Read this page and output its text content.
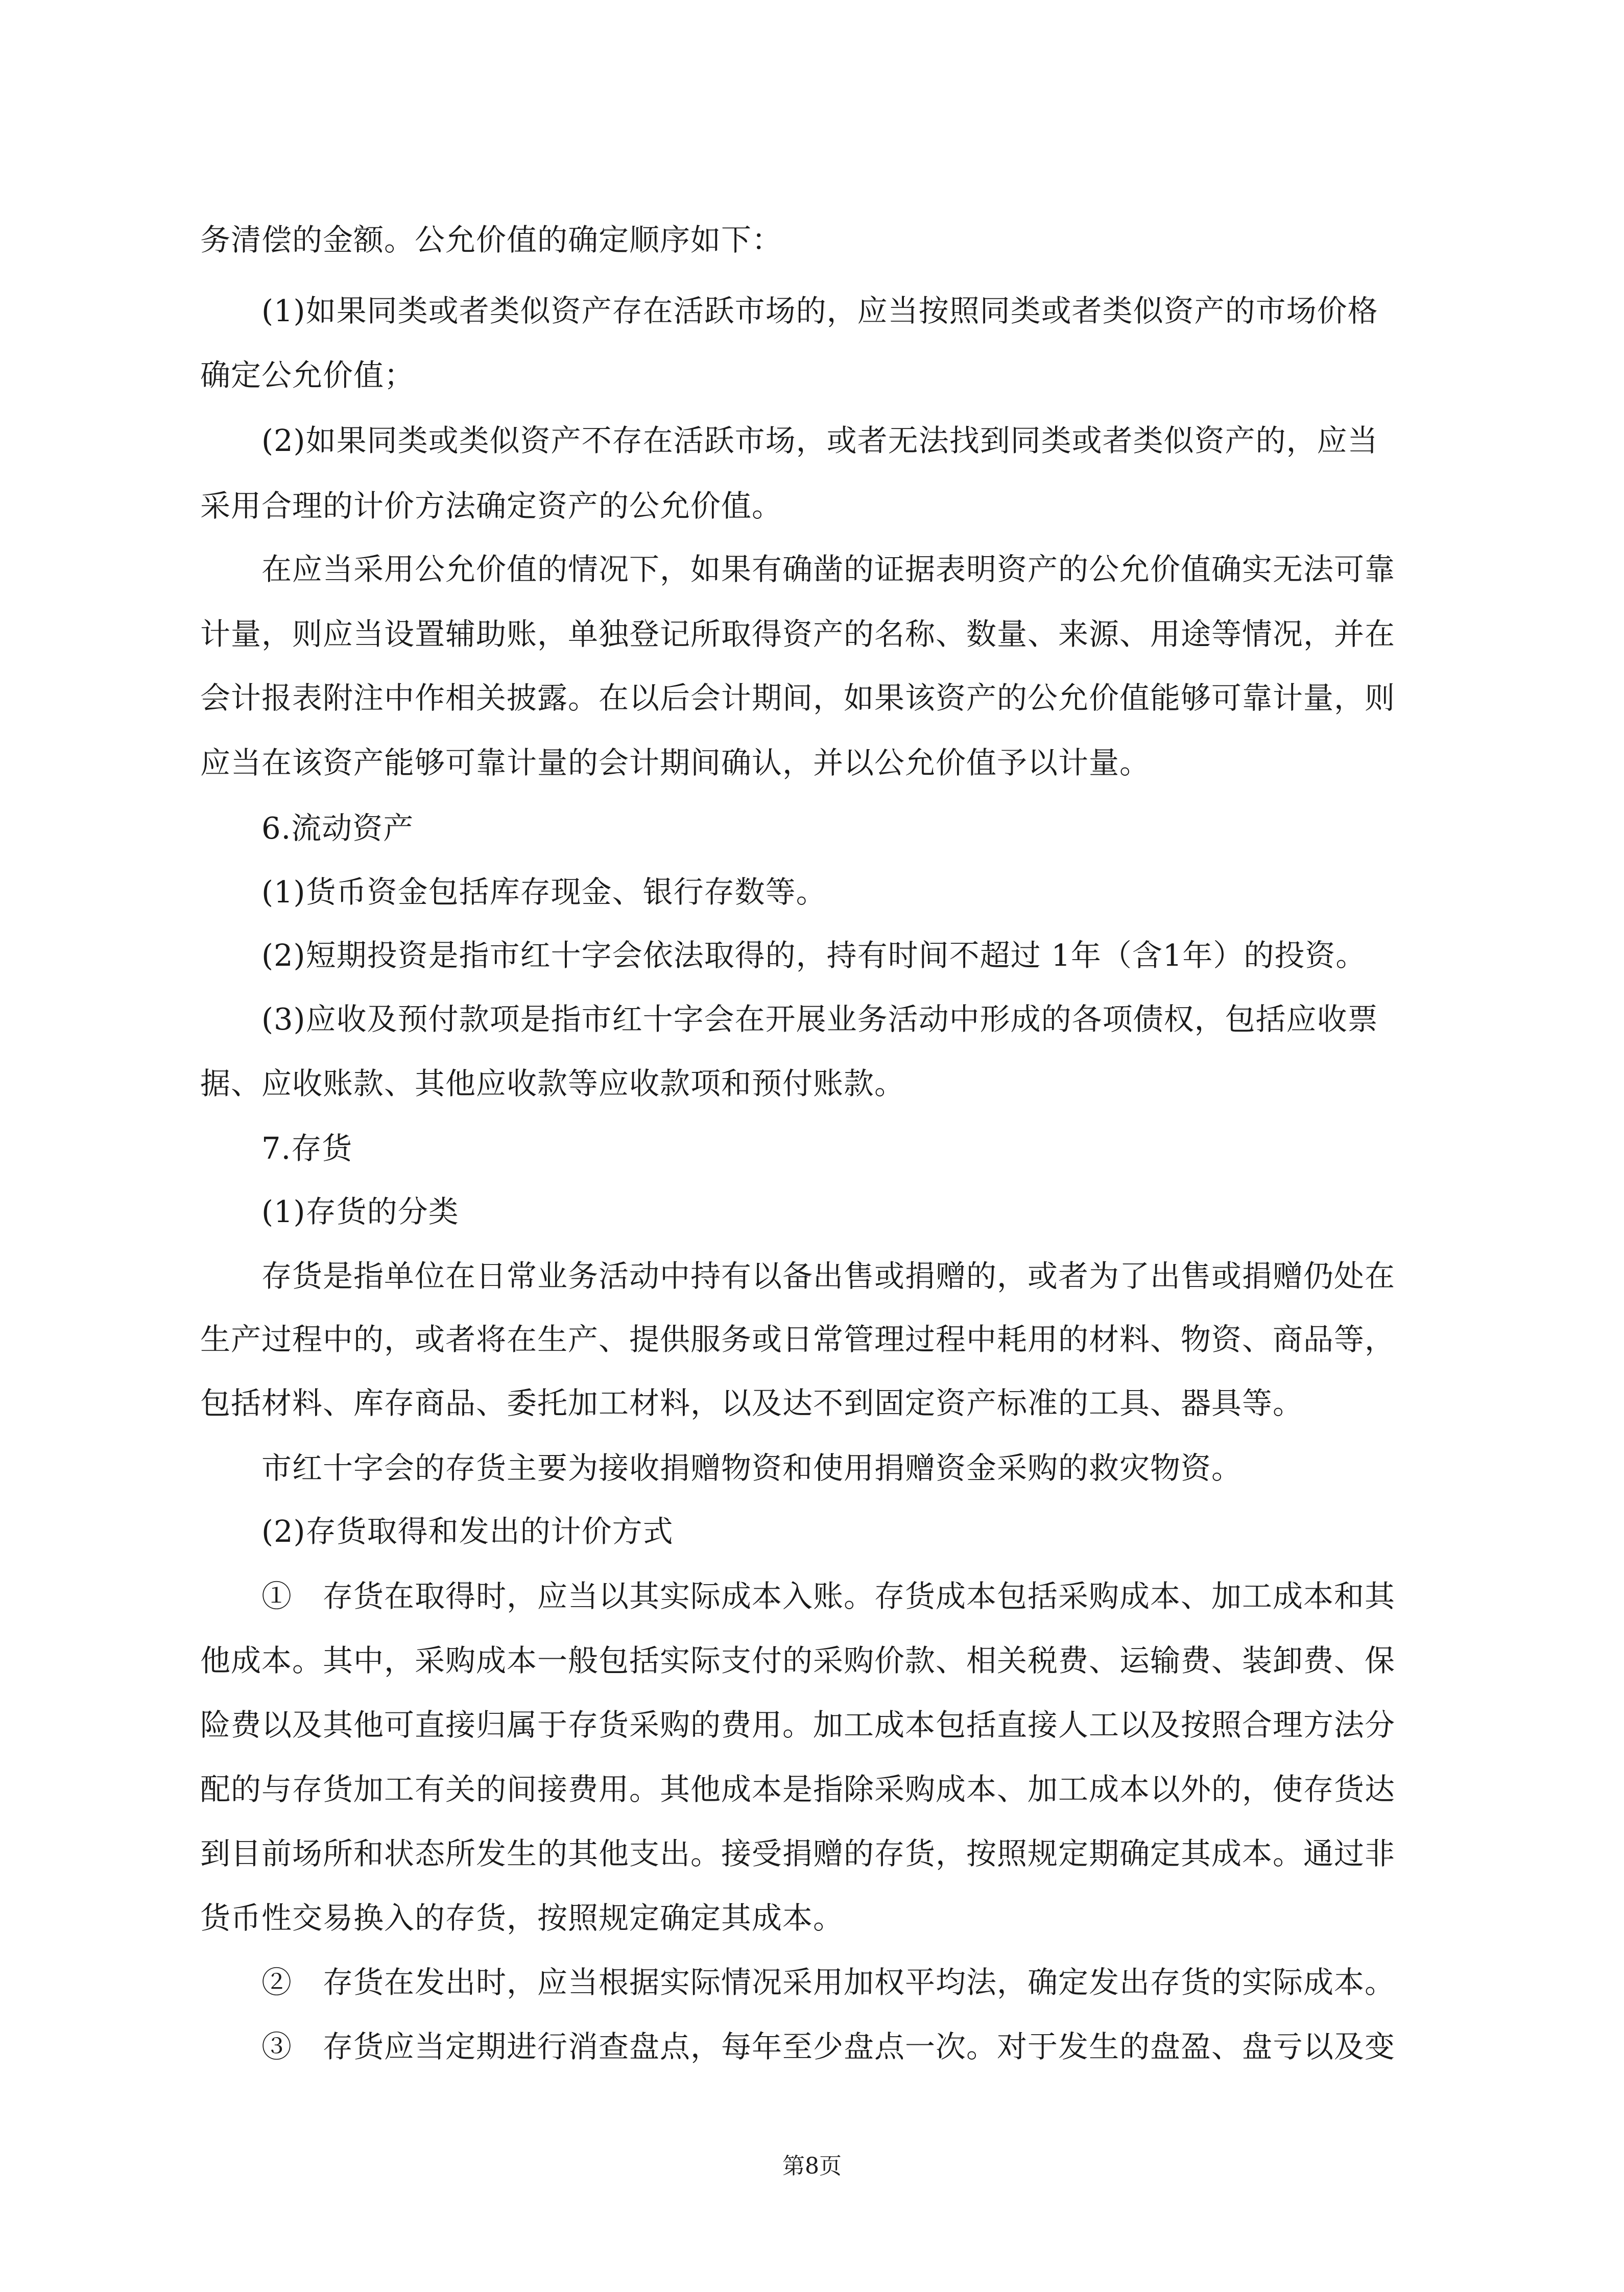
务清偿的金额。公允价值的确定顺序如下：
(1)如果同类或者类似资产存在活跃市场的，应当按照同类或者类似资产的市场价格
确定公允价值；
(2)如果同类或类似资产不存在活跃市场，或者无法找到同类或者类似资产的，应当
采用合理的计价方法确定资产的公允价值。
在应当采用公允价值的情况下，如果有确凿的证据表明资产的公允价值确实无法可靠
计量，则应当设置辅助账，单独登记所取得资产的名称、数量、来源、用途等情况，并在
会计报表附注中作相关披露。在以后会计期间，如果该资产的公允价值能够可靠计量，则
应当在该资产能够可靠计量的会计期间确认，并以公允价值予以计量。
6.流动资产
(1)货币资金包括库存现金、银行存数等。
(2)短期投资是指市红十字会依法取得的，持有时间不超过 1年（含1年）的投资。
(3)应收及预付款项是指市红十字会在开展业务活动中形成的各项债权，包括应收票
据、应收账款、其他应收款等应收款项和预付账款。
7.存货
(1)存货的分类
存货是指单位在日常业务活动中持有以备出售或捐赠的，或者为了出售或捐赠仍处在
生产过程中的，或者将在生产、提供服务或日常管理过程中耗用的材料、物资、商品等，
包括材料、库存商品、委托加工材料，以及达不到固定资产标准的工具、器具等。
市红十字会的存货主要为接收捐赠物资和使用捐赠资金采购的救灾物资。
(2)存货取得和发出的计价方式
①　存货在取得时，应当以其实际成本入账。存货成本包括采购成本、加工成本和其
他成本。其中，采购成本一般包括实际支付的采购价款、相关税费、运输费、装卸费、保
险费以及其他可直接归属于存货采购的费用。加工成本包括直接人工以及按照合理方法分
配的与存货加工有关的间接费用。其他成本是指除采购成本、加工成本以外的，使存货达
到目前场所和状态所发生的其他支出。接受捐赠的存货，按照规定期确定其成本。通过非
货币性交易换入的存货，按照规定确定其成本。
②　存货在发出时，应当根据实际情况采用加权平均法，确定发出存货的实际成本。
③　存货应当定期进行消查盘点，每年至少盘点一次。对于发生的盘盈、盘亏以及变
第8页
